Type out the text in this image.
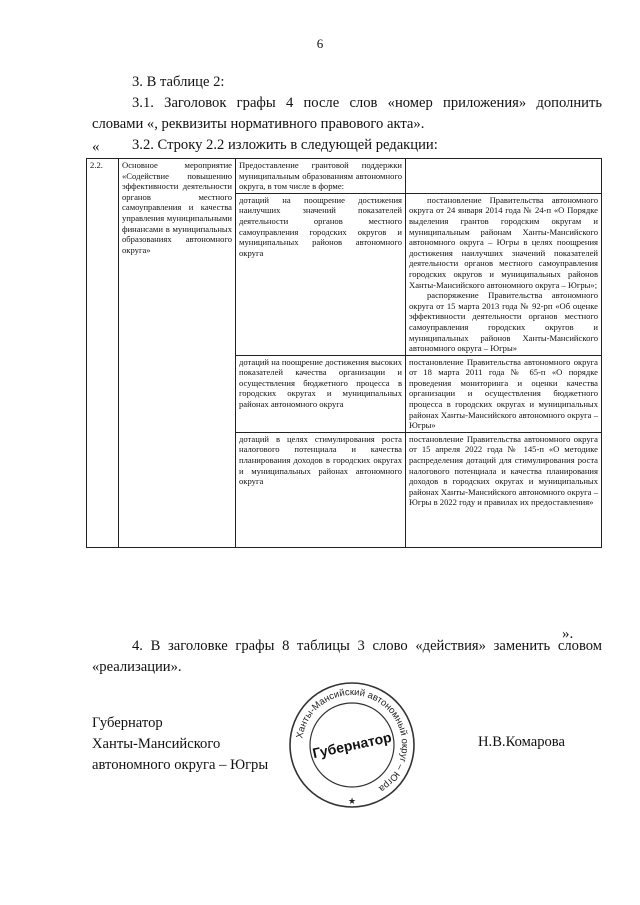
6

3. В таблице 2:

3.1. Заголовок графы 4 после слов «номер приложения» дополнить словами «, реквизиты нормативного правового акта».

3.2. Строку 2.2 изложить в следующей редакции:

«
2.2.	Основное мероприятие «Содействие повышению эффективности деятельности органов местного самоуправления и качества управления муниципальными финансами в муниципальных образованиях автономного округа»	Предоставление грантовой поддержки муниципальным образованиям автономного округа, в том числе в форме:	
		дотаций на поощрение достижения наилучших значений показателей деятельности органов местного самоуправления городских округов и муниципальных районов автономного округа	постановление Правительства автономного округа от 24 января 2014 года № 24-п «О Порядке выделения грантов городским округам и муниципальным районам Ханты-Мансийского автономного округа – Югры в целях поощрения достижения наилучших значений показателей деятельности органов местного самоуправления городских округов и муниципальных районов Ханты-Мансийского автономного округа – Югры»;
распоряжение Правительства автономного округа от 15 марта 2013 года № 92-рп «Об оценке эффективности деятельности органов местного самоуправления городских округов и муниципальных районов Ханты-Мансийского автономного округа – Югры»

		дотаций на поощрение достижения высоких показателей качества организации и осуществления бюджетного процесса в городских округах и муниципальных районах автономного округа	постановление Правительства автономного округа от 18 марта 2011 года № 65-п «О порядке проведения мониторинга и оценки качества организации и осуществления бюджетного процесса в городских округах и муниципальных районах Ханты-Мансийского автономного округа – Югры»
		дотаций в целях стимулирования роста налогового потенциала и качества планирования доходов в городских округах и муниципальных районах автономного округа	постановление Правительства автономного округа от 15 апреля 2022 года № 145-п «О методике распределения дотаций для стимулирования роста налогового потенциала и качества планирования доходов в городских округах и муниципальных районах Ханты-Мансийского автономного округа – Югры в 2022 году и правилах их предоставления»
».

4. В заголовке графы 8 таблицы 3 слово «действия» заменить словом «реализации».

Губернатор
Ханты-Мансийского
автономного округа – Югры
Н.В.Комарова
Ханты-Мансийский автономный округ – Югра
Губернатор
★
